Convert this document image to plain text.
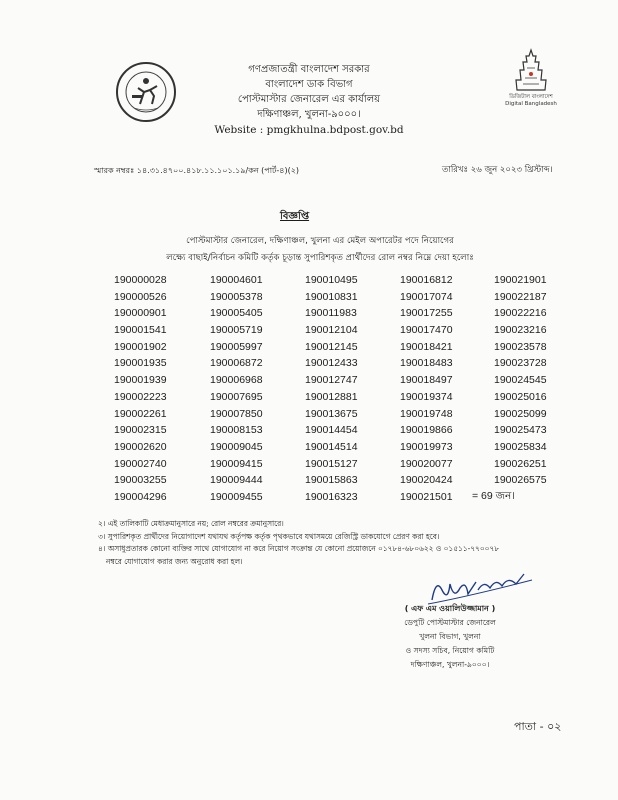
ডিজিটাল বাংলাদেশ
Digital Bangladesh
গণপ্রজাতন্ত্রী বাংলাদেশ সরকার
বাংলাদেশ ডাক বিভাগ
পোস্টমাস্টার জেনারেল এর কার্যালয়
দক্ষিণাঞ্চল, খুলনা-৯০০০।
Website : pmgkhulna.bdpost.gov.bd
স্মারক নম্বরঃ ১৪.৩১.৪৭০০.৪১৮.১১.১০১.১৯/কন (পার্ট-৪)(২)	তারিখঃ ২৬ জুন ২০২৩ খ্রিস্টাব্দ।
বিজ্ঞপ্তি
পোস্টমাস্টার জেনারেল, দক্ষিণাঞ্চল, খুলনা এর মেইল অপারেটর পদে নিয়োগের
লক্ষ্যে বাছাই/নির্বাচন কমিটি কর্তৃক চূড়ান্ত সুপারিশকৃত প্রার্থীদের রোল নম্বর নিম্নে দেয়া হলোঃ
190000028	190004601	190010495	190016812	190021901
190000526	190005378	190010831	190017074	190022187
190000901	190005405	190011983	190017255	190022216
190001541	190005719	190012104	190017470	190023216
190001902	190005997	190012145	190018421	190023578
190001935	190006872	190012433	190018483	190023728
190001939	190006968	190012747	190018497	190024545
190002223	190007695	190012881	190019374	190025016
190002261	190007850	190013675	190019748	190025099
190002315	190008153	190014454	190019866	190025473
190002620	190009045	190014514	190019973	190025834
190002740	190009415	190015127	190020077	190026251
190003255	190009444	190015863	190020424	190026575
190004296	190009455	190016323	190021501	= 69 জন।
২। এই তালিকাটি মেধাক্রমানুসারে নয়; রোল নম্বরের ক্রমানুসারে।
৩। সুপারিশকৃত প্রার্থীদের নিয়োগাদেশ যথাযথ কর্তৃপক্ষ কর্তৃক পৃথকভাবে যথাসময়ে রেজিস্ট্রি ডাকযোগে প্রেরণ করা হবে।
৪। অসাধুপ্রতারক কোনো ব্যক্তির সাথে যোগাযোগ না করে নিয়োগ সংক্রান্ত যে কোনো প্রয়োজনে ০১৭৮৪-৬৮০৬২২ ও ০১৫১১-৭৭০০৭৮
নম্বরে যোগাযোগ করার জন্য অনুরোধ করা হল।
( এফ এম ওয়ালিউজ্জামান )
ডেপুটি পোস্টমাস্টার জেনারেল
খুলনা বিভাগ, খুলনা
ও সদস্য সচিব, নিয়োগ কমিটি
দক্ষিণাঞ্চল, খুলনা-৯০০০।
পাতা - ০২
